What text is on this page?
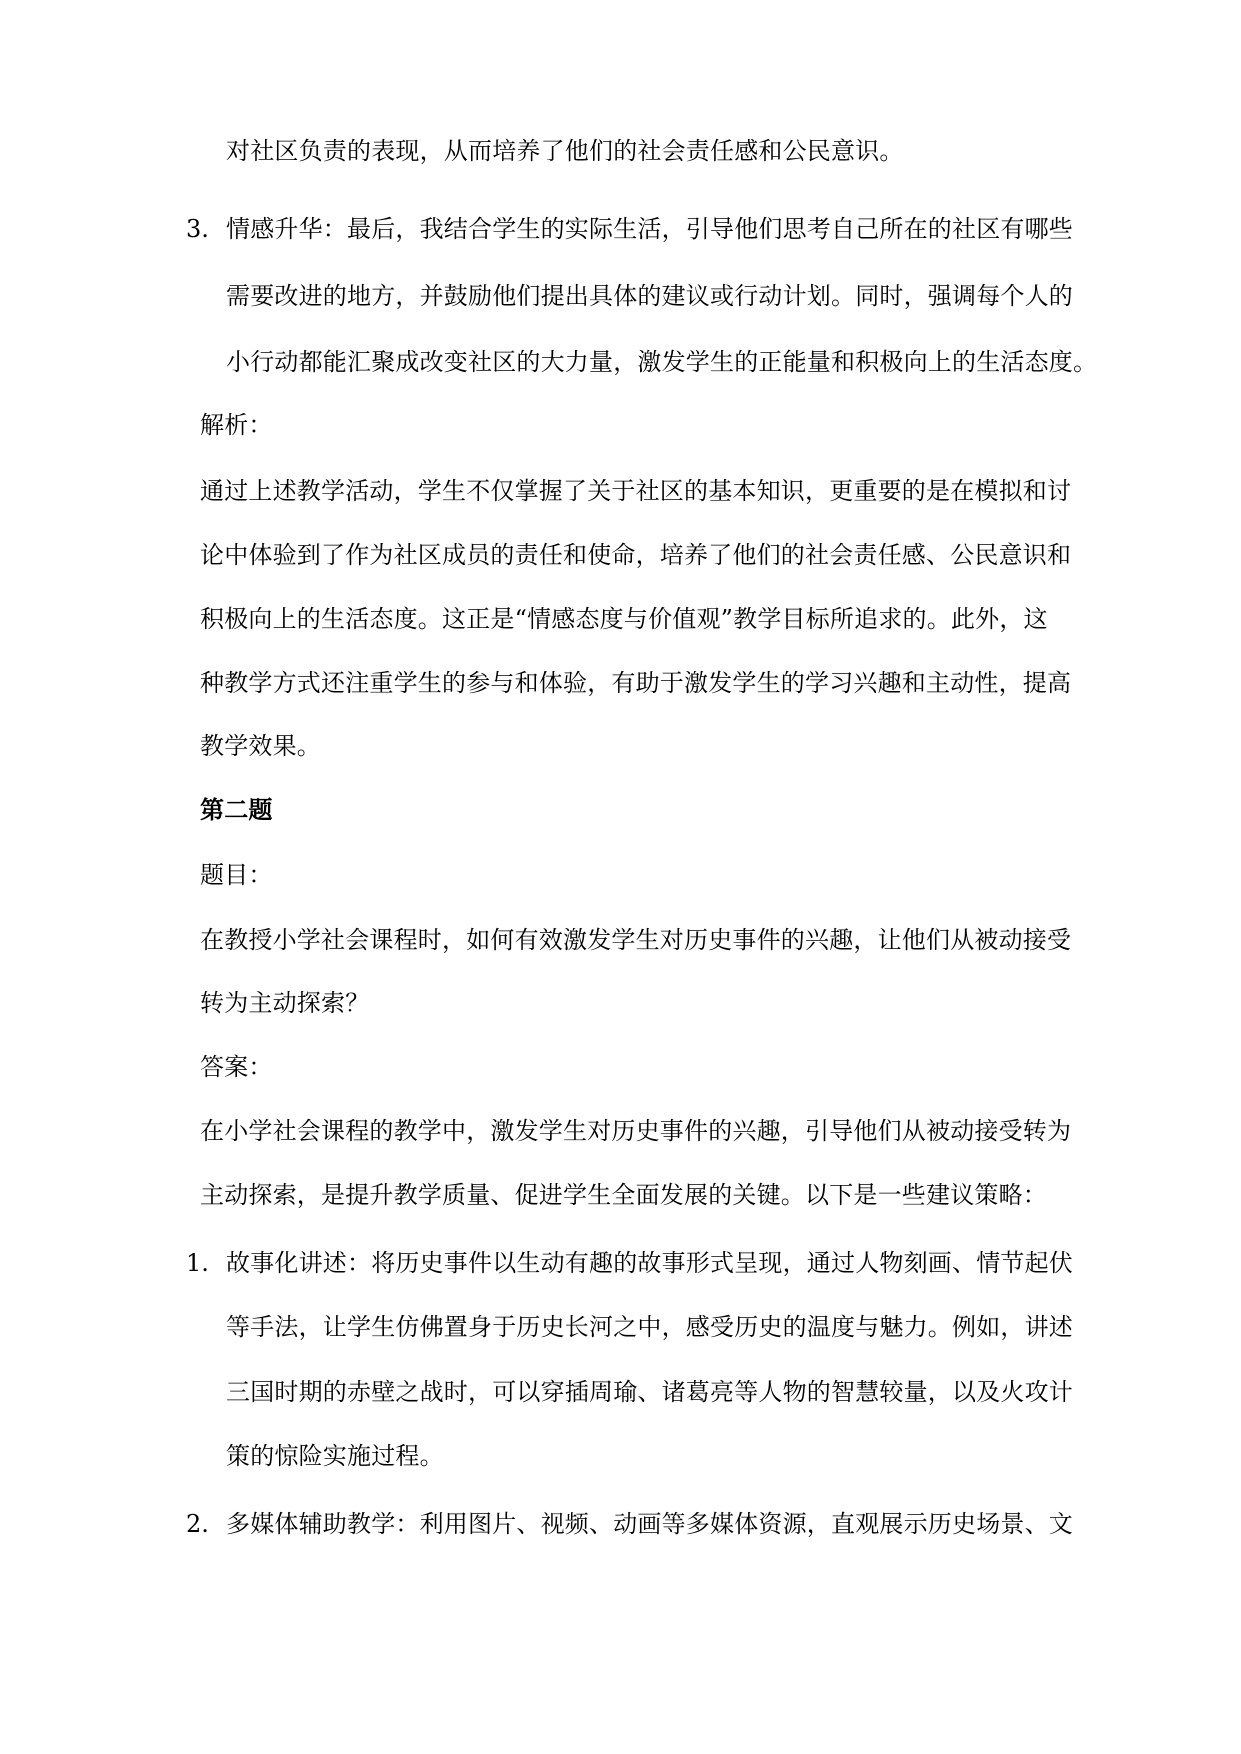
对社区负责的表现，从而培养了他们的社会责任感和公民意识。
3. 情感升华：最后，我结合学生的实际生活，引导他们思考自己所在的社区有哪些
需要改进的地方，并鼓励他们提出具体的建议或行动计划。同时，强调每个人的
小行动都能汇聚成改变社区的大力量，激发学生的正能量和积极向上的生活态度。
解析：
通过上述教学活动，学生不仅掌握了关于社区的基本知识，更重要的是在模拟和讨
论中体验到了作为社区成员的责任和使命，培养了他们的社会责任感、公民意识和
积极向上的生活态度。这正是“情感态度与价值观”教学目标所追求的。此外，这
种教学方式还注重学生的参与和体验，有助于激发学生的学习兴趣和主动性，提高
教学效果。
第二题
题目：
在教授小学社会课程时，如何有效激发学生对历史事件的兴趣，让他们从被动接受
转为主动探索？
答案：
在小学社会课程的教学中，激发学生对历史事件的兴趣，引导他们从被动接受转为
主动探索，是提升教学质量、促进学生全面发展的关键。以下是一些建议策略：
1. 故事化讲述：将历史事件以生动有趣的故事形式呈现，通过人物刻画、情节起伏
等手法，让学生仿佛置身于历史长河之中，感受历史的温度与魅力。例如，讲述
三国时期的赤壁之战时，可以穿插周瑜、诸葛亮等人物的智慧较量，以及火攻计
策的惊险实施过程。
2. 多媒体辅助教学：利用图片、视频、动画等多媒体资源，直观展示历史场景、文
